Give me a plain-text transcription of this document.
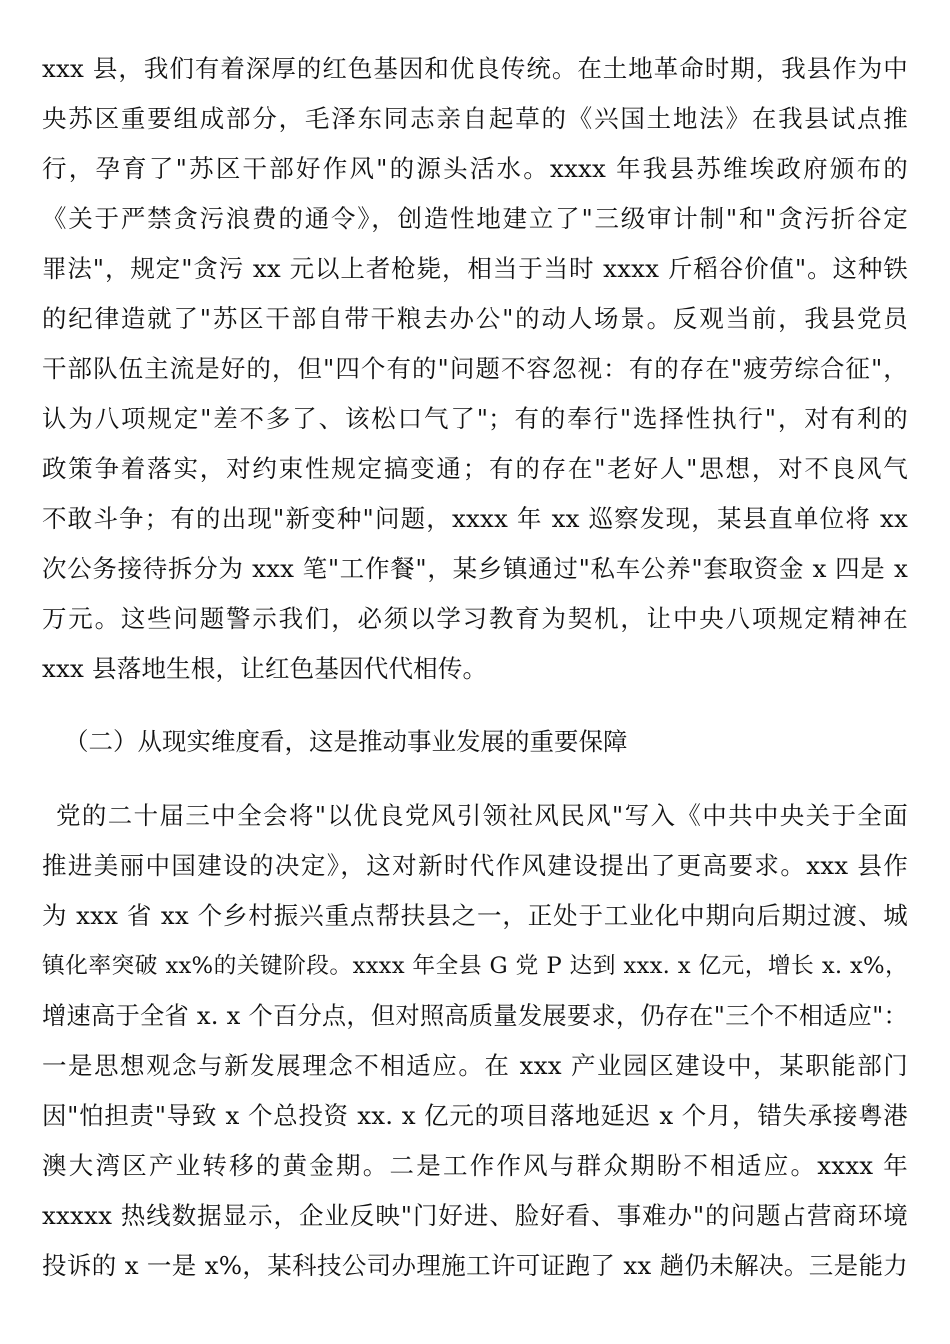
xxx 县，我们有着深厚的红色基因和优良传统。在土地革命时期，我县作为中
央苏区重要组成部分，毛泽东同志亲自起草的《兴国土地法》在我县试点推
行，孕育了"苏区干部好作风"的源头活水。xxxx 年我县苏维埃政府颁布的
《关于严禁贪污浪费的通令》，创造性地建立了"三级审计制"和"贪污折谷定
罪法"，规定"贪污 xx 元以上者枪毙，相当于当时 xxxx 斤稻谷价值"。这种铁
的纪律造就了"苏区干部自带干粮去办公"的动人场景。反观当前，我县党员
干部队伍主流是好的，但"四个有的"问题不容忽视：有的存在"疲劳综合征"，
认为八项规定"差不多了、该松口气了"；有的奉行"选择性执行"，对有利的
政策争着落实，对约束性规定搞变通；有的存在"老好人"思想，对不良风气
不敢斗争；有的出现"新变种"问题，xxxx 年 xx 巡察发现，某县直单位将 xx
次公务接待拆分为 xxx 笔"工作餐"，某乡镇通过"私车公养"套取资金 x 四是 x
万元。这些问题警示我们，必须以学习教育为契机，让中央八项规定精神在
xxx 县落地生根，让红色基因代代相传。
（二）从现实维度看，这是推动事业发展的重要保障
党的二十届三中全会将"以优良党风引领社风民风"写入《中共中央关于全面
推进美丽中国建设的决定》，这对新时代作风建设提出了更高要求。xxx 县作
为 xxx 省 xx 个乡村振兴重点帮扶县之一，正处于工业化中期向后期过渡、城
镇化率突破 xx%的关键阶段。xxxx 年全县 G 党 P 达到 xxx. x 亿元，增长 x. x%，
增速高于全省 x. x 个百分点，但对照高质量发展要求，仍存在"三个不相适应"：
一是思想观念与新发展理念不相适应。在 xxx 产业园区建设中，某职能部门
因"怕担责"导致 x 个总投资 xx. x 亿元的项目落地延迟 x 个月，错失承接粤港
澳大湾区产业转移的黄金期。二是工作作风与群众期盼不相适应。xxxx 年
xxxxx 热线数据显示，企业反映"门好进、脸好看、事难办"的问题占营商环境
投诉的 x 一是 x%，某科技公司办理施工许可证跑了 xx 趟仍未解决。三是能力
